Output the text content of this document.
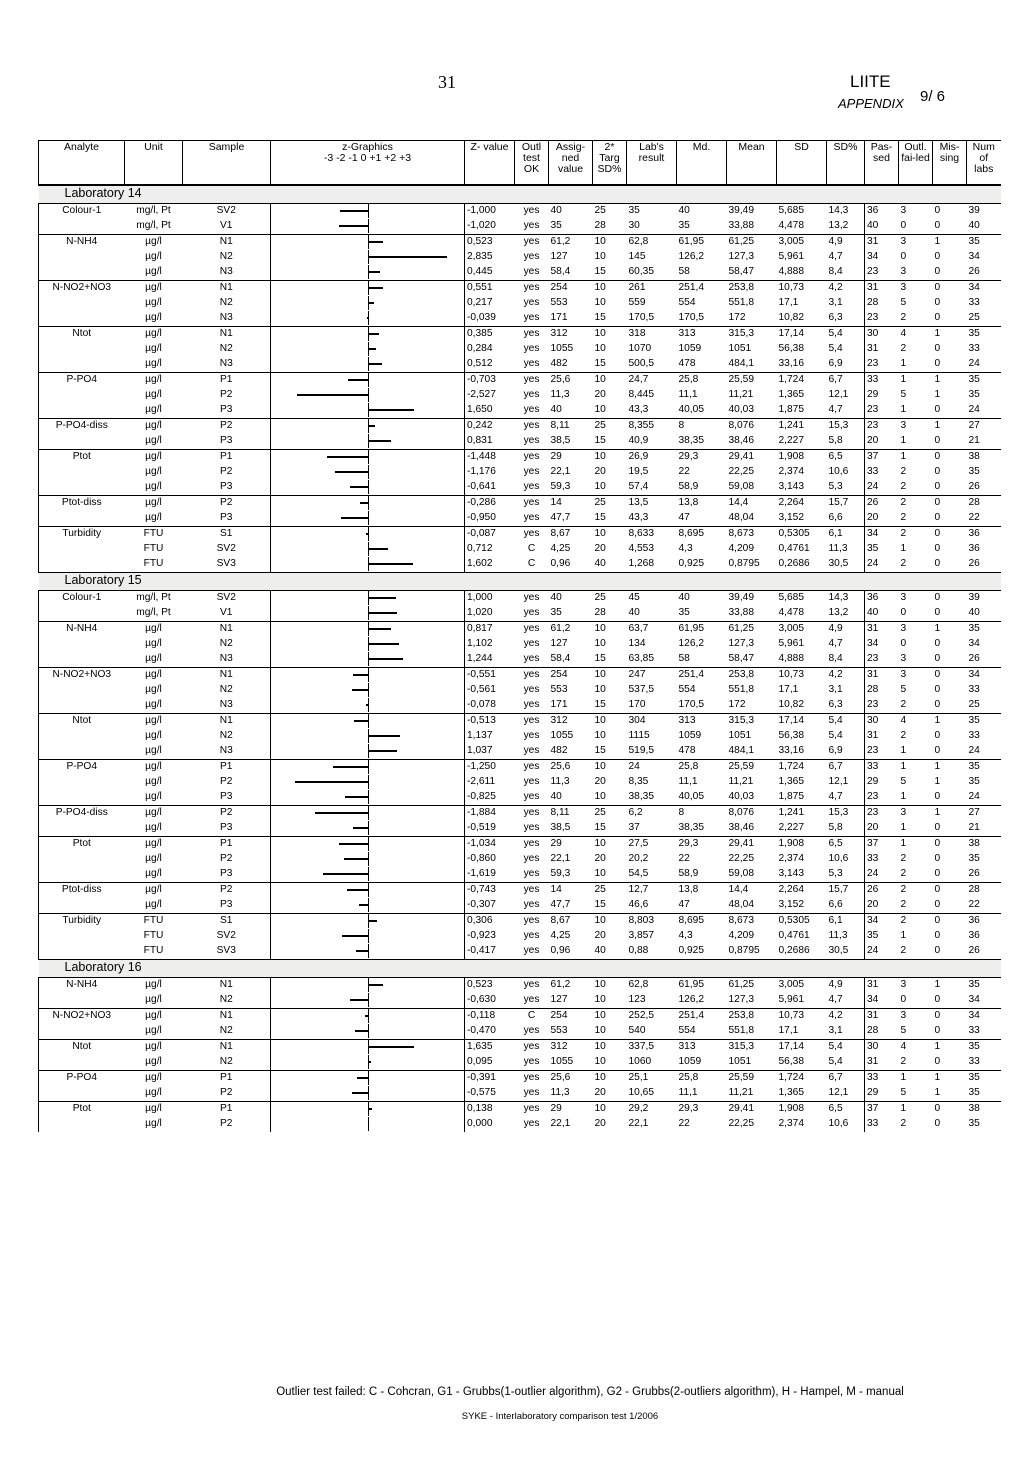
31	LIITE
APPENDIX 9/ 6
Analyte	Unit	Sample	z-Graphics
-3 -2 -1 0 +1 +2 +3	Z- value	Outl test OK	Assig-ned value	2* Targ SD%	Lab's result	Md.	Mean	SD	SD%	Pas-sed	Outl. fai-led	Mis-sing	Num of labs
Laboratory 14																
Colour-1	mg/l, Pt	SV2		-1,000	yes	40	25	35	40	39,49	5,685	14,3	36	3	0	39
	mg/l, Pt	V1		-1,020	yes	35	28	30	35	33,88	4,478	13,2	40	0	0	40
N-NH4	µg/l	N1		0,523	yes	61,2	10	62,8	61,95	61,25	3,005	4,9	31	3	1	35
	µg/l	N2		2,835	yes	127	10	145	126,2	127,3	5,961	4,7	34	0	0	34
	µg/l	N3		0,445	yes	58,4	15	60,35	58	58,47	4,888	8,4	23	3	0	26
N-NO2+NO3	µg/l	N1		0,551	yes	254	10	261	251,4	253,8	10,73	4,2	31	3	0	34
	µg/l	N2		0,217	yes	553	10	559	554	551,8	17,1	3,1	28	5	0	33
	µg/l	N3		-0,039	yes	171	15	170,5	170,5	172	10,82	6,3	23	2	0	25
Ntot	µg/l	N1		0,385	yes	312	10	318	313	315,3	17,14	5,4	30	4	1	35
	µg/l	N2		0,284	yes	1055	10	1070	1059	1051	56,38	5,4	31	2	0	33
	µg/l	N3		0,512	yes	482	15	500,5	478	484,1	33,16	6,9	23	1	0	24
P-PO4	µg/l	P1		-0,703	yes	25,6	10	24,7	25,8	25,59	1,724	6,7	33	1	1	35
	µg/l	P2		-2,527	yes	11,3	20	8,445	11,1	11,21	1,365	12,1	29	5	1	35
	µg/l	P3		1,650	yes	40	10	43,3	40,05	40,03	1,875	4,7	23	1	0	24
P-PO4-diss	µg/l	P2		0,242	yes	8,11	25	8,355	8	8,076	1,241	15,3	23	3	1	27
	µg/l	P3		0,831	yes	38,5	15	40,9	38,35	38,46	2,227	5,8	20	1	0	21
Ptot	µg/l	P1		-1,448	yes	29	10	26,9	29,3	29,41	1,908	6,5	37	1	0	38
	µg/l	P2		-1,176	yes	22,1	20	19,5	22	22,25	2,374	10,6	33	2	0	35
	µg/l	P3		-0,641	yes	59,3	10	57,4	58,9	59,08	3,143	5,3	24	2	0	26
Ptot-diss	µg/l	P2		-0,286	yes	14	25	13,5	13,8	14,4	2,264	15,7	26	2	0	28
	µg/l	P3		-0,950	yes	47,7	15	43,3	47	48,04	3,152	6,6	20	2	0	22
Turbidity	FTU	S1		-0,087	yes	8,67	10	8,633	8,695	8,673	0,5305	6,1	34	2	0	36
	FTU	SV2		0,712	C	4,25	20	4,553	4,3	4,209	0,4761	11,3	35	1	0	36
	FTU	SV3		1,602	C	0,96	40	1,268	0,925	0,8795	0,2686	30,5	24	2	0	26
Laboratory 15																
Colour-1	mg/l, Pt	SV2		1,000	yes	40	25	45	40	39,49	5,685	14,3	36	3	0	39
	mg/l, Pt	V1		1,020	yes	35	28	40	35	33,88	4,478	13,2	40	0	0	40
N-NH4	µg/l	N1		0,817	yes	61,2	10	63,7	61,95	61,25	3,005	4,9	31	3	1	35
	µg/l	N2		1,102	yes	127	10	134	126,2	127,3	5,961	4,7	34	0	0	34
	µg/l	N3		1,244	yes	58,4	15	63,85	58	58,47	4,888	8,4	23	3	0	26
N-NO2+NO3	µg/l	N1		-0,551	yes	254	10	247	251,4	253,8	10,73	4,2	31	3	0	34
	µg/l	N2		-0,561	yes	553	10	537,5	554	551,8	17,1	3,1	28	5	0	33
	µg/l	N3		-0,078	yes	171	15	170	170,5	172	10,82	6,3	23	2	0	25
Ntot	µg/l	N1		-0,513	yes	312	10	304	313	315,3	17,14	5,4	30	4	1	35
	µg/l	N2		1,137	yes	1055	10	1115	1059	1051	56,38	5,4	31	2	0	33
	µg/l	N3		1,037	yes	482	15	519,5	478	484,1	33,16	6,9	23	1	0	24
P-PO4	µg/l	P1		-1,250	yes	25,6	10	24	25,8	25,59	1,724	6,7	33	1	1	35
	µg/l	P2		-2,611	yes	11,3	20	8,35	11,1	11,21	1,365	12,1	29	5	1	35
	µg/l	P3		-0,825	yes	40	10	38,35	40,05	40,03	1,875	4,7	23	1	0	24
P-PO4-diss	µg/l	P2		-1,884	yes	8,11	25	6,2	8	8,076	1,241	15,3	23	3	1	27
	µg/l	P3		-0,519	yes	38,5	15	37	38,35	38,46	2,227	5,8	20	1	0	21
Ptot	µg/l	P1		-1,034	yes	29	10	27,5	29,3	29,41	1,908	6,5	37	1	0	38
	µg/l	P2		-0,860	yes	22,1	20	20,2	22	22,25	2,374	10,6	33	2	0	35
	µg/l	P3		-1,619	yes	59,3	10	54,5	58,9	59,08	3,143	5,3	24	2	0	26
Ptot-diss	µg/l	P2		-0,743	yes	14	25	12,7	13,8	14,4	2,264	15,7	26	2	0	28
	µg/l	P3		-0,307	yes	47,7	15	46,6	47	48,04	3,152	6,6	20	2	0	22
Turbidity	FTU	S1		0,306	yes	8,67	10	8,803	8,695	8,673	0,5305	6,1	34	2	0	36
	FTU	SV2		-0,923	yes	4,25	20	3,857	4,3	4,209	0,4761	11,3	35	1	0	36
	FTU	SV3		-0,417	yes	0,96	40	0,88	0,925	0,8795	0,2686	30,5	24	2	0	26
Laboratory 16																
N-NH4	µg/l	N1		0,523	yes	61,2	10	62,8	61,95	61,25	3,005	4,9	31	3	1	35
	µg/l	N2		-0,630	yes	127	10	123	126,2	127,3	5,961	4,7	34	0	0	34
N-NO2+NO3	µg/l	N1		-0,118	C	254	10	252,5	251,4	253,8	10,73	4,2	31	3	0	34
	µg/l	N2		-0,470	yes	553	10	540	554	551,8	17,1	3,1	28	5	0	33
Ntot	µg/l	N1		1,635	yes	312	10	337,5	313	315,3	17,14	5,4	30	4	1	35
	µg/l	N2		0,095	yes	1055	10	1060	1059	1051	56,38	5,4	31	2	0	33
P-PO4	µg/l	P1		-0,391	yes	25,6	10	25,1	25,8	25,59	1,724	6,7	33	1	1	35
	µg/l	P2		-0,575	yes	11,3	20	10,65	11,1	11,21	1,365	12,1	29	5	1	35
Ptot	µg/l	P1		0,138	yes	29	10	29,2	29,3	29,41	1,908	6,5	37	1	0	38
	µg/l	P2		0,000	yes	22,1	20	22,1	22	22,25	2,374	10,6	33	2	0	35
Outlier test failed: C - Cohcran, G1 - Grubbs(1-outlier algorithm), G2 - Grubbs(2-outliers algorithm), H - Hampel, M - manual
SYKE - Interlaboratory comparison test 1/2006
